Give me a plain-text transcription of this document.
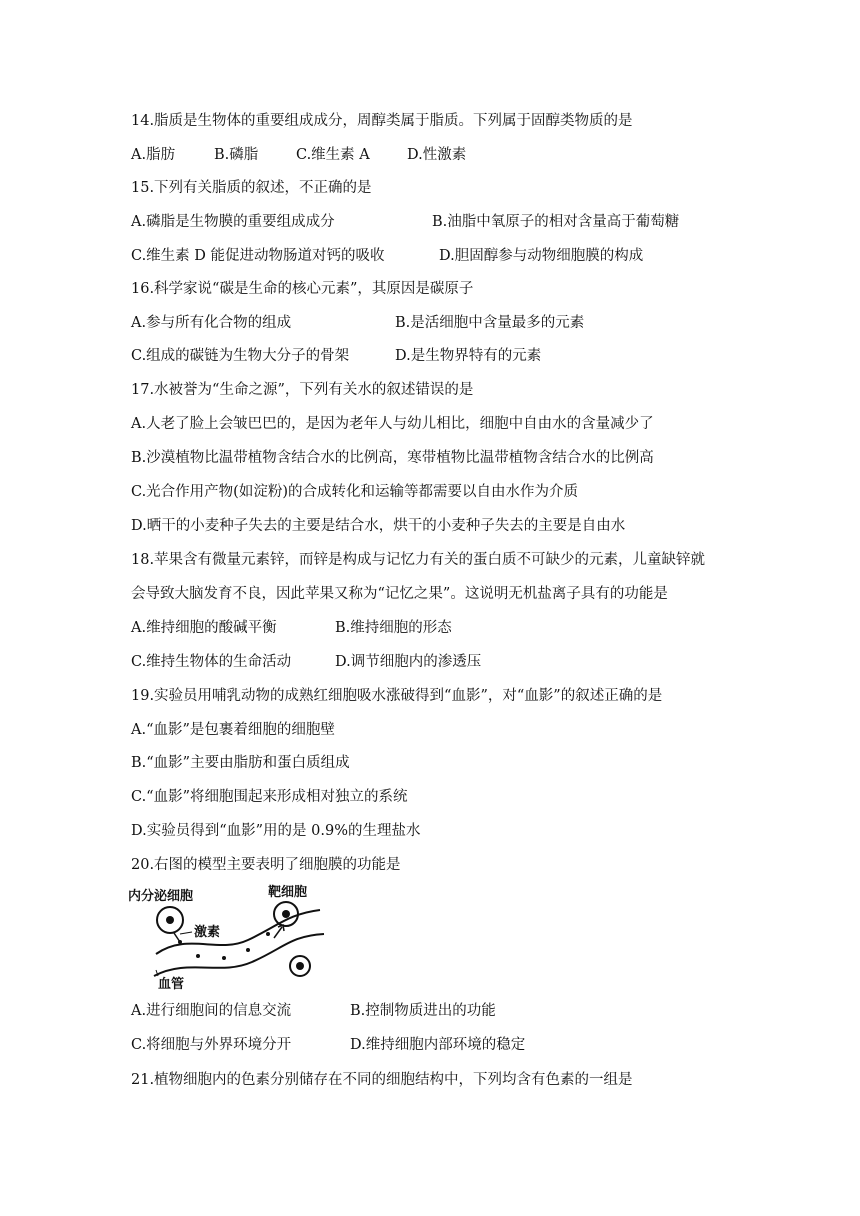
14.脂质是生物体的重要组成成分，周醇类属于脂质。下列属于固醇类物质的是
A.脂肪	B.磷脂	C.维生素 A	D.性激素
15.下列有关脂质的叙述，不正确的是
A.磷脂是生物膜的重要组成成分	B.油脂中氧原子的相对含量高于葡萄糖
C.维生素 D 能促进动物肠道对钙的吸收	D.胆固醇参与动物细胞膜的构成
16.科学家说“碳是生命的核心元素”，其原因是碳原子
A.参与所有化合物的组成	B.是活细胞中含量最多的元素
C.组成的碳链为生物大分子的骨架	D.是生物界特有的元素
17.水被誉为“生命之源”，下列有关水的叙述错误的是
A.人老了脸上会皱巴巴的，是因为老年人与幼儿相比，细胞中自由水的含量减少了
B.沙漠植物比温带植物含结合水的比例高，寒带植物比温带植物含结合水的比例高
C.光合作用产物(如淀粉)的合成转化和运输等都需要以自由水作为介质
D.晒干的小麦种子失去的主要是结合水，烘干的小麦种子失去的主要是自由水
18.苹果含有微量元素锌，而锌是构成与记忆力有关的蛋白质不可缺少的元素，儿童缺锌就
会导致大脑发育不良，因此苹果又称为“记忆之果”。这说明无机盐离子具有的功能是
A.维持细胞的酸碱平衡	B.维持细胞的形态
C.维持生物体的生命活动	D.调节细胞内的渗透压
19.实验员用哺乳动物的成熟红细胞吸水涨破得到“血影”，对“血影”的叙述正确的是
A.“血影”是包裹着细胞的细胞壁
B.“血影”主要由脂肪和蛋白质组成
C.“血影”将细胞围起来形成相对独立的系统
D.实验员得到“血影”用的是 0.9%的生理盐水
20.右图的模型主要表明了细胞膜的功能是
内分泌细胞	靶细胞
激素
血管
A.进行细胞间的信息交流	B.控制物质进出的功能
C.将细胞与外界环境分开	D.维持细胞内部环境的稳定
21.植物细胞内的色素分别储存在不同的细胞结构中，下列均含有色素的一组是
